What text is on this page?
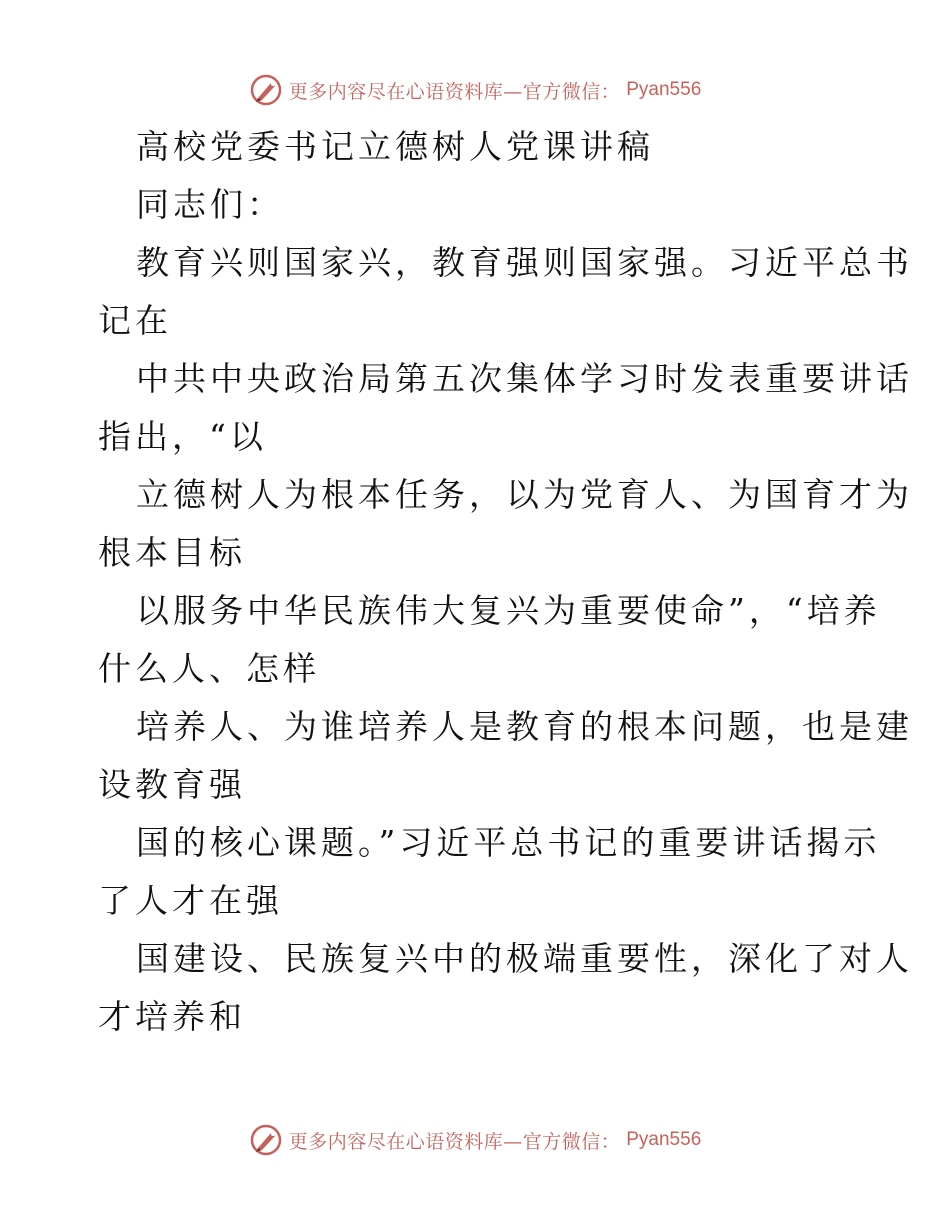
更多内容尽在心语资料库—官方微信： Pyan556
高校党委书记立德树人党课讲稿
同志们：
教育兴则国家兴，教育强则国家强。习近平总书
记在
中共中央政治局第五次集体学习时发表重要讲话
指出，“以
立德树人为根本任务，以为党育人、为国育才为
根本目标
以服务中华民族伟大复兴为重要使命”，“培养
什么人、怎样
培养人、为谁培养人是教育的根本问题，也是建
设教育强
国的核心课题。”习近平总书记的重要讲话揭示
了人才在强
国建设、民族复兴中的极端重要性，深化了对人
才培养和
更多内容尽在心语资料库—官方微信： Pyan556
